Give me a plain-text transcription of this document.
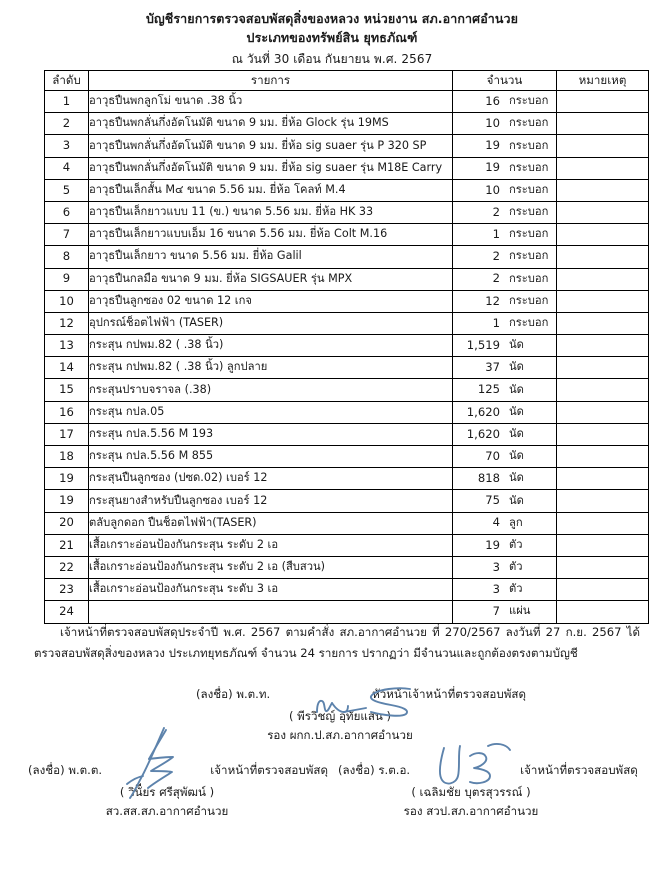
บัญชีรายการตรวจสอบพัสดุสิ่งของหลวง หน่วยงาน สภ.อากาศอำนวย
ประเภทของทรัพย์สิน ยุทธภัณฑ์
ณ วันที่ 30 เดือน กันยายน พ.ศ. 2567
ลำดับ	รายการ	จำนวน	หมายเหตุ
1	อาวุธปืนพกลูกโม่ ขนาด .38 นิ้ว	16 กระบอก	

2	อาวุธปืนพกลั่นกึ่งอัตโนมัติ ขนาด 9 มม. ยี่ห้อ Glock รุ่น 19MS	10 กระบอก	

3	อาวุธปืนพกลั่นกึ่งอัตโนมัติ ขนาด 9 มม. ยี่ห้อ sig suaer รุ่น P 320 SP	19 กระบอก	

4	อาวุธปืนพกลั่นกึ่งอัตโนมัติ ขนาด 9 มม. ยี่ห้อ sig suaer รุ่น M18E Carry	19 กระบอก	

5	อาวุธปืนเล็กสั้น M๔ ขนาด 5.56 มม. ยี่ห้อ โคลท์ M.4	10 กระบอก	

6	อาวุธปืนเล็กยาวแบบ 11 (ข.) ขนาด 5.56 มม. ยี่ห้อ HK 33	2 กระบอก	

7	อาวุธปืนเล็กยาวแบบเอ็ม 16 ขนาด 5.56 มม. ยี่ห้อ Colt M.16	1 กระบอก	

8	อาวุธปืนเล็กยาว ขนาด 5.56 มม. ยี่ห้อ Galil	2 กระบอก	

9	อาวุธปืนกลมือ ขนาด 9 มม. ยี่ห้อ SIGSAUER รุ่น MPX	2 กระบอก	

10	อาวุธปืนลูกซอง 02 ขนาด 12 เกจ	12 กระบอก	

12	อุปกรณ์ช็อตไฟฟ้า (TASER)	1 กระบอก	

13	กระสุน กปพม.82 ( .38 นิ้ว)	1,519 นัด	

14	กระสุน กปพม.82 ( .38 นิ้ว) ลูกปลาย	37 นัด	

15	กระสุนปราบจราจล (.38)	125 นัด	

16	กระสุน กปล.05	1,620 นัด	

17	กระสุน กปล.5.56 M 193	1,620 นัด	

18	กระสุน กปล.5.56 M 855	70 นัด	

19	กระสุนปืนลูกซอง (ปซด.02) เบอร์ 12	818 นัด	

19	กระสุนยางสำหรับปืนลูกซอง เบอร์ 12	75 นัด	

20	ตลับลูกดอก ปืนช็อตไฟฟ้า(TASER)	4 ลูก	

21	เสื้อเกราะอ่อนป้องกันกระสุน ระดับ 2 เอ	19 ตัว	

22	เสื้อเกราะอ่อนป้องกันกระสุน ระดับ 2 เอ (สืบสวน)	3 ตัว	

23	เสื้อเกราะอ่อนป้องกันกระสุน ระดับ 3 เอ	3 ตัว	

24		7 แผ่น	

เจ้าหน้าที่ตรวจสอบพัสดุประจำปี พ.ศ. 2567 ตามคำสั่ง สภ.อากาศอำนวย ที่ 270/2567 ลงวันที่ 27 ก.ย. 2567 ได้ ตรวจสอบพัสดุสิ่งของหลวง ประเภทยุทธภัณฑ์ จำนวน 24 รายการ ปรากฏว่า มีจำนวนและถูกต้องตรงตามบัญชี
(ลงชื่อ) พ.ต.ท.	หัวหน้าเจ้าหน้าที่ตรวจสอบพัสดุ
( พีรวิชญ์ อุทัยแสน )
รอง ผกก.ป.สภ.อากาศอำนวย
(ลงชื่อ) พ.ต.ต.	เจ้าหน้าที่ตรวจสอบพัสดุ
( วินัียร ศรีสุพัฒน์ )
สว.สส.สภ.อากาศอำนวย
(ลงชื่อ) ร.ต.อ.	เจ้าหน้าที่ตรวจสอบพัสดุ
( เฉลิมชัย บุตรสุวรรณ์ )
รอง สวป.สภ.อากาศอำนวย
